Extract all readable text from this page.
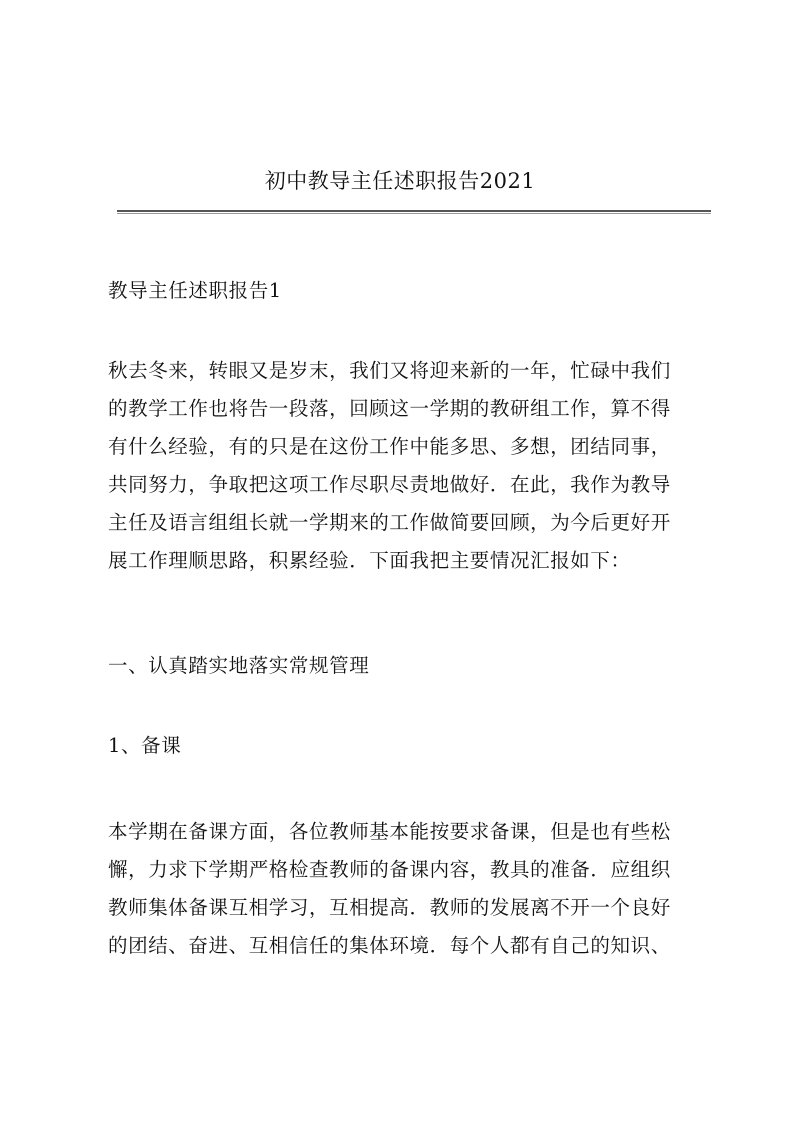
初中教导主任述职报告2021

教导主任述职报告1

秋去冬来，转眼又是岁末，我们又将迎来新的一年，忙碌中我们
的教学工作也将告一段落，回顾这一学期的教研组工作，算不得
有什么经验，有的只是在这份工作中能多思、多想，团结同事，
共同努力，争取把这项工作尽职尽责地做好．在此，我作为教导
主任及语言组组长就一学期来的工作做简要回顾，为今后更好开
展工作理顺思路，积累经验．下面我把主要情况汇报如下：

一、认真踏实地落实常规管理

1、备课

本学期在备课方面，各位教师基本能按要求备课，但是也有些松
懈，力求下学期严格检查教师的备课内容，教具的准备．应组织
教师集体备课互相学习，互相提高．教师的发展离不开一个良好
的团结、奋进、互相信任的集体环境．每个人都有自己的知识、
